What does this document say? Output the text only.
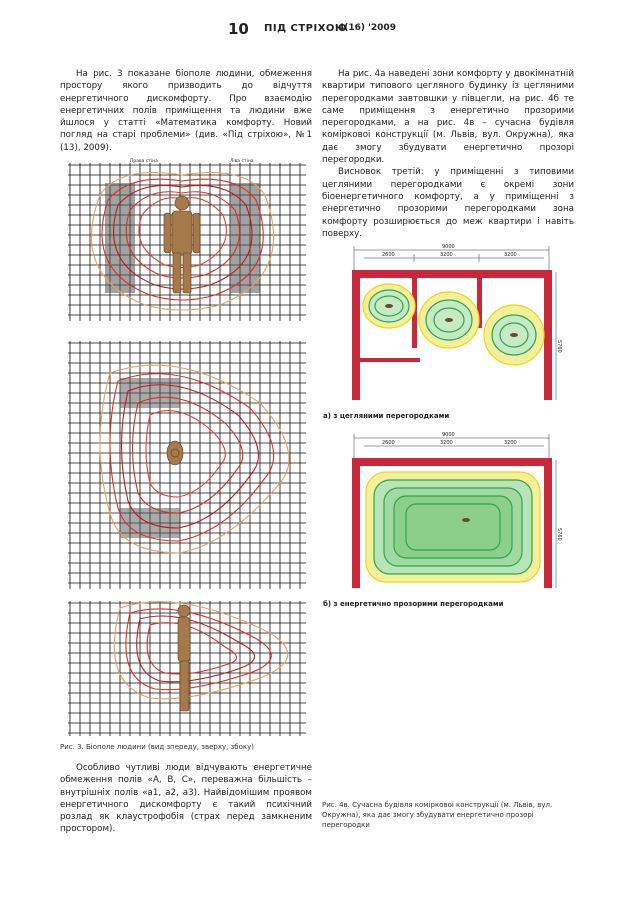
10 ПІД СТРІХОЮ
4(16) '2009

На рис. 3 показане біополе людини, обмеження простору якого призводить до відчуття енергетичного дискомфорту. Про взаємодію енергетичних полів приміщення та людини вже йшлося у статті «Математика комфорту. Новий погляд на старі проблеми» (див. «Під стріхою», №1 (13), 2009).

На рис. 4а наведені зони комфорту у двокімнатній квартири типового цегляного будинку із цегляними перегородками завтовшки у півцегли, на рис. 4б те саме приміщення з енергетично прозорими перегородками, а на рис. 4в – сучасна будівля комірковоі конструкції (м. Львів, вул. Окружна), яка дає змогу збудувати енергетично прозорі перегородки.

Висновок третій: у приміщенні з типовими цегляними перегородками є окремі зони біоенергетичного комфорту, а у приміщенні з енергетично прозорими перегородками зона комфорту розширюється до меж квартири і навіть поверху.

Права стіна	Ліва стіна
Рис. 3. Біополе людини (вид зпереду, зверху, збоку)

Особливо чутливі люди відчувають енергетичне обмеження полів «А, В, С», переважна більшість – внутрішніх полів «а1, а2, а3). Найвідомішим проявом енергетичного дискомфорту є такий психічний розлад як клаустрофобія (страх перед замкненим простором).

9000
2600	3200	3200
5760
а) з цегляними перегородками
9000
2600	3200	3200
5760
б) з енергетично прозорими перегородками
Рис. 4в. Сучасна будівля комірковоі конструкції (м. Львів, вул. Окружна), яка дає змогу збудувати енергетично прозорі перегородки
